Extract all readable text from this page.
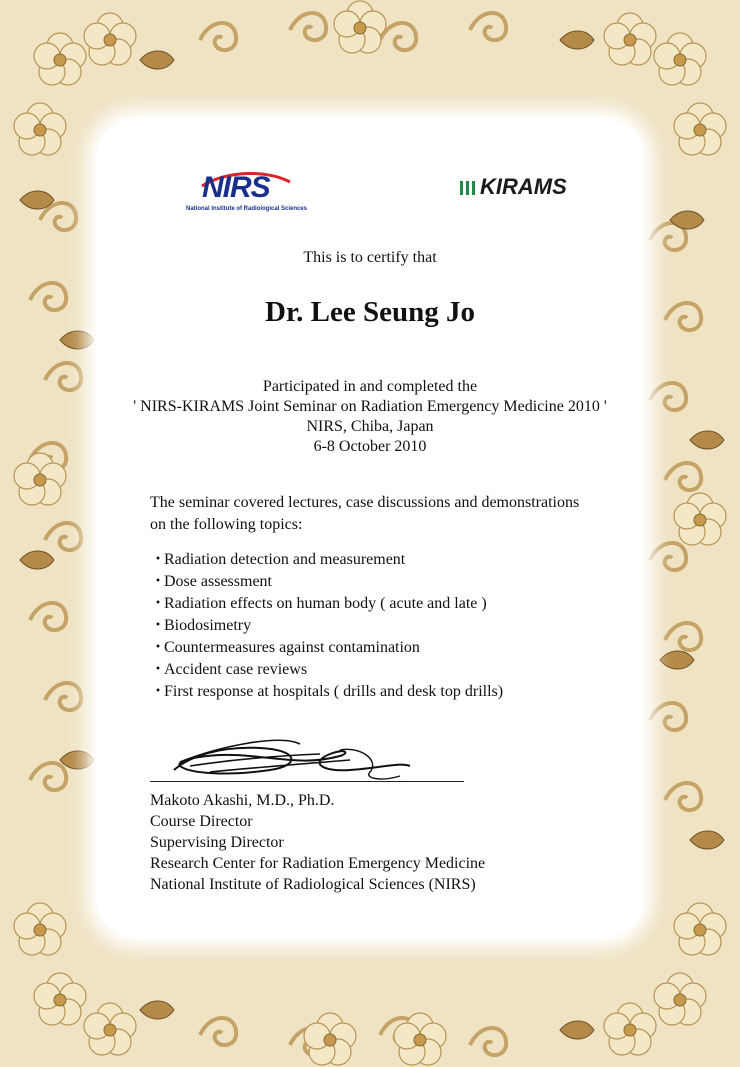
NIRS
National Institute of Radiological Sciences
KIRAMS
This is to certify that
Dr. Lee Seung Jo
Participated in and completed the
' NIRS-KIRAMS Joint Seminar on Radiation Emergency Medicine 2010 '
NIRS, Chiba, Japan
6-8 October 2010
The seminar covered lectures, case discussions and demonstrations
on the following topics:
・Radiation detection and measurement
・Dose assessment
・Radiation effects on human body ( acute and late )
・Biodosimetry
・Countermeasures against contamination
・Accident case reviews
・First response at hospitals ( drills and desk top drills)
Makoto Akashi, M.D., Ph.D.
Course Director
Supervising Director
Research Center for Radiation Emergency Medicine
National Institute of Radiological Sciences (NIRS)
